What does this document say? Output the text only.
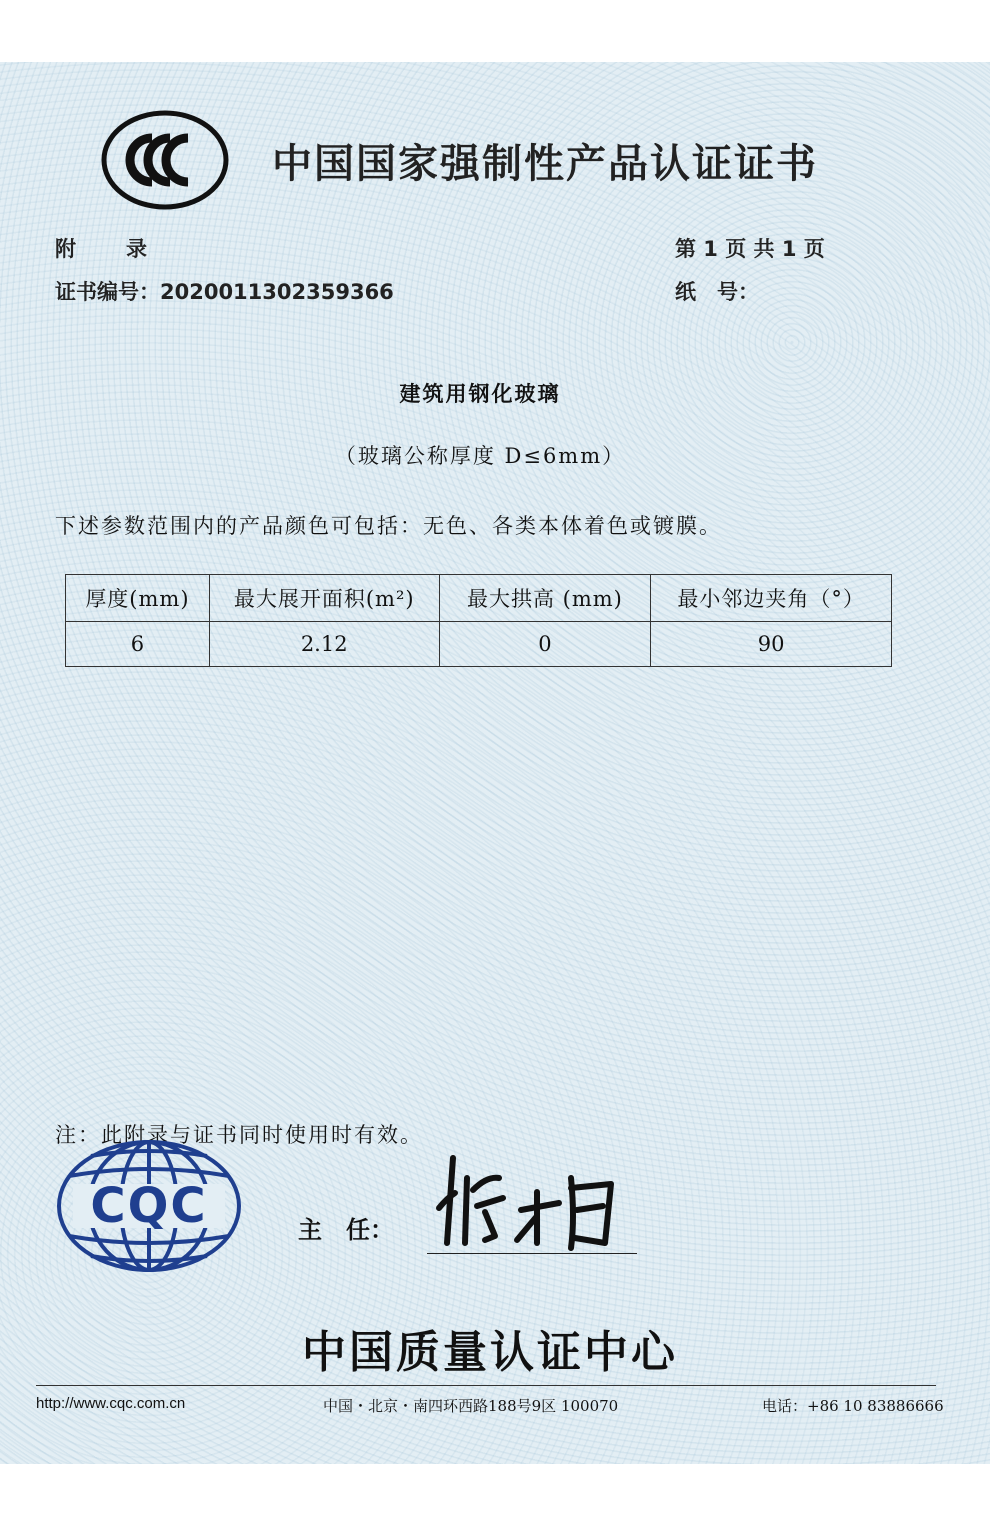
中国国家强制性产品认证证书
附录	第 1 页 共 1 页
证书编号：2020011302359366	纸　号：
建筑用钢化玻璃
（玻璃公称厚度 D≤6mm）
下述参数范围内的产品颜色可包括：无色、各类本体着色或镀膜。
厚度(mm)	最大展开面积(m²)	最大拱高 (mm)	最小邻边夹角（°）
6	2.12	0	90
注：此附录与证书同时使用时有效。
CQC	主　任：
中国质量认证中心
http://www.cqc.com.cn	中国・北京・南四环西路188号9区 100070	电话：+86 10 83886666
